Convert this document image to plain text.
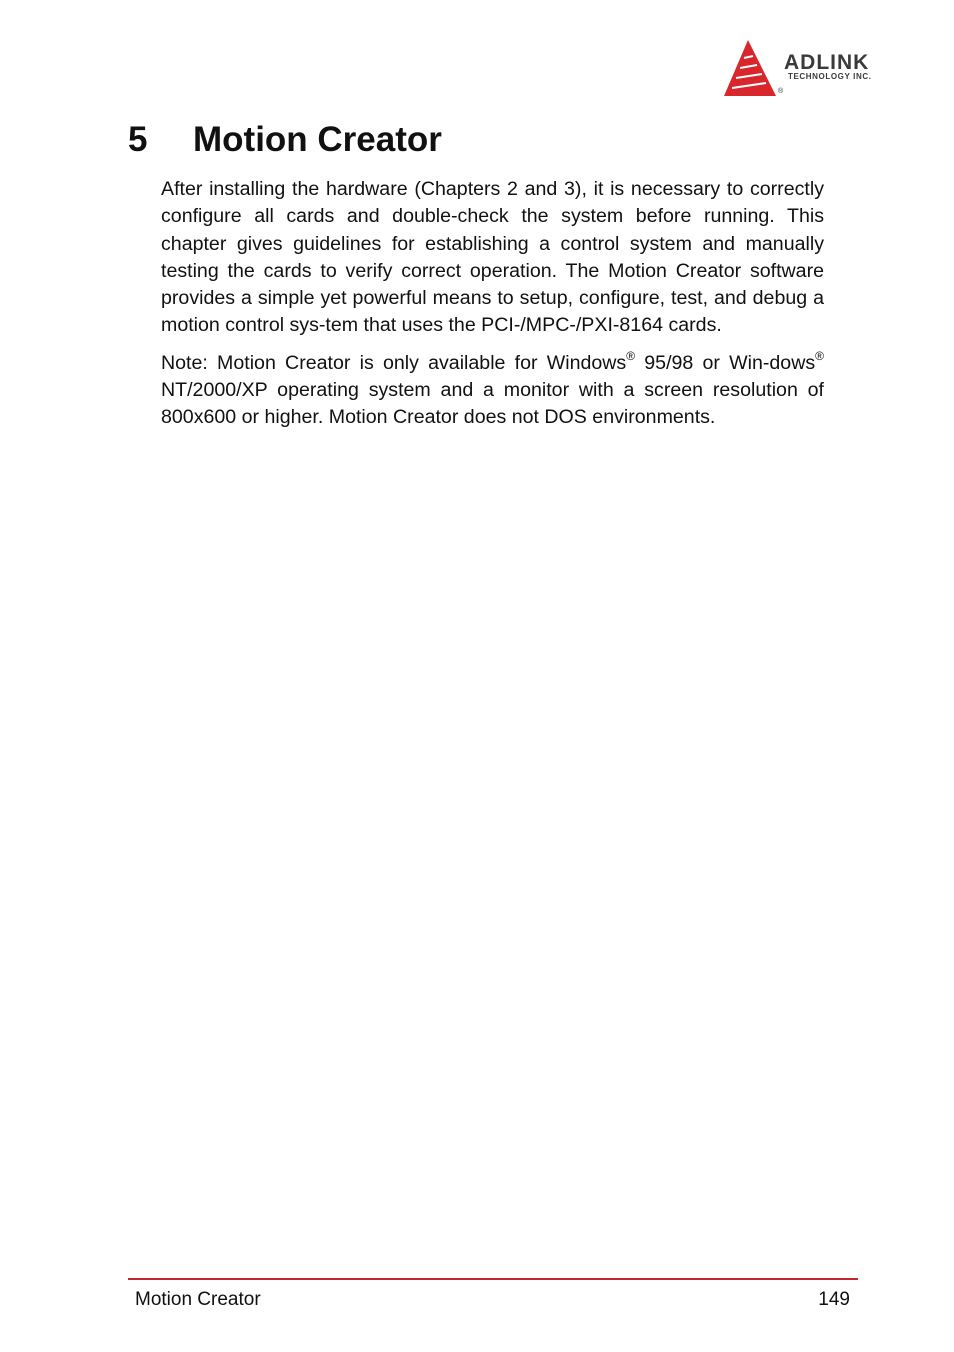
ADLINK
TECHNOLOGY INC.
®
5 Motion Creator

After installing the hardware (Chapters 2 and 3), it is necessary to correctly configure all cards and double-check the system before running. This chapter gives guidelines for establishing a control system and manually testing the cards to verify correct operation. The Motion Creator software provides a simple yet powerful means to setup, configure, test, and debug a motion control sys-tem that uses the PCI-/MPC-/PXI-8164 cards.

Note: Motion Creator is only available for Windows® 95/98 or Win-dows® NT/2000/XP operating system and a monitor with a screen resolution of 800x600 or higher. Motion Creator does not DOS environments.

Motion Creator	149
